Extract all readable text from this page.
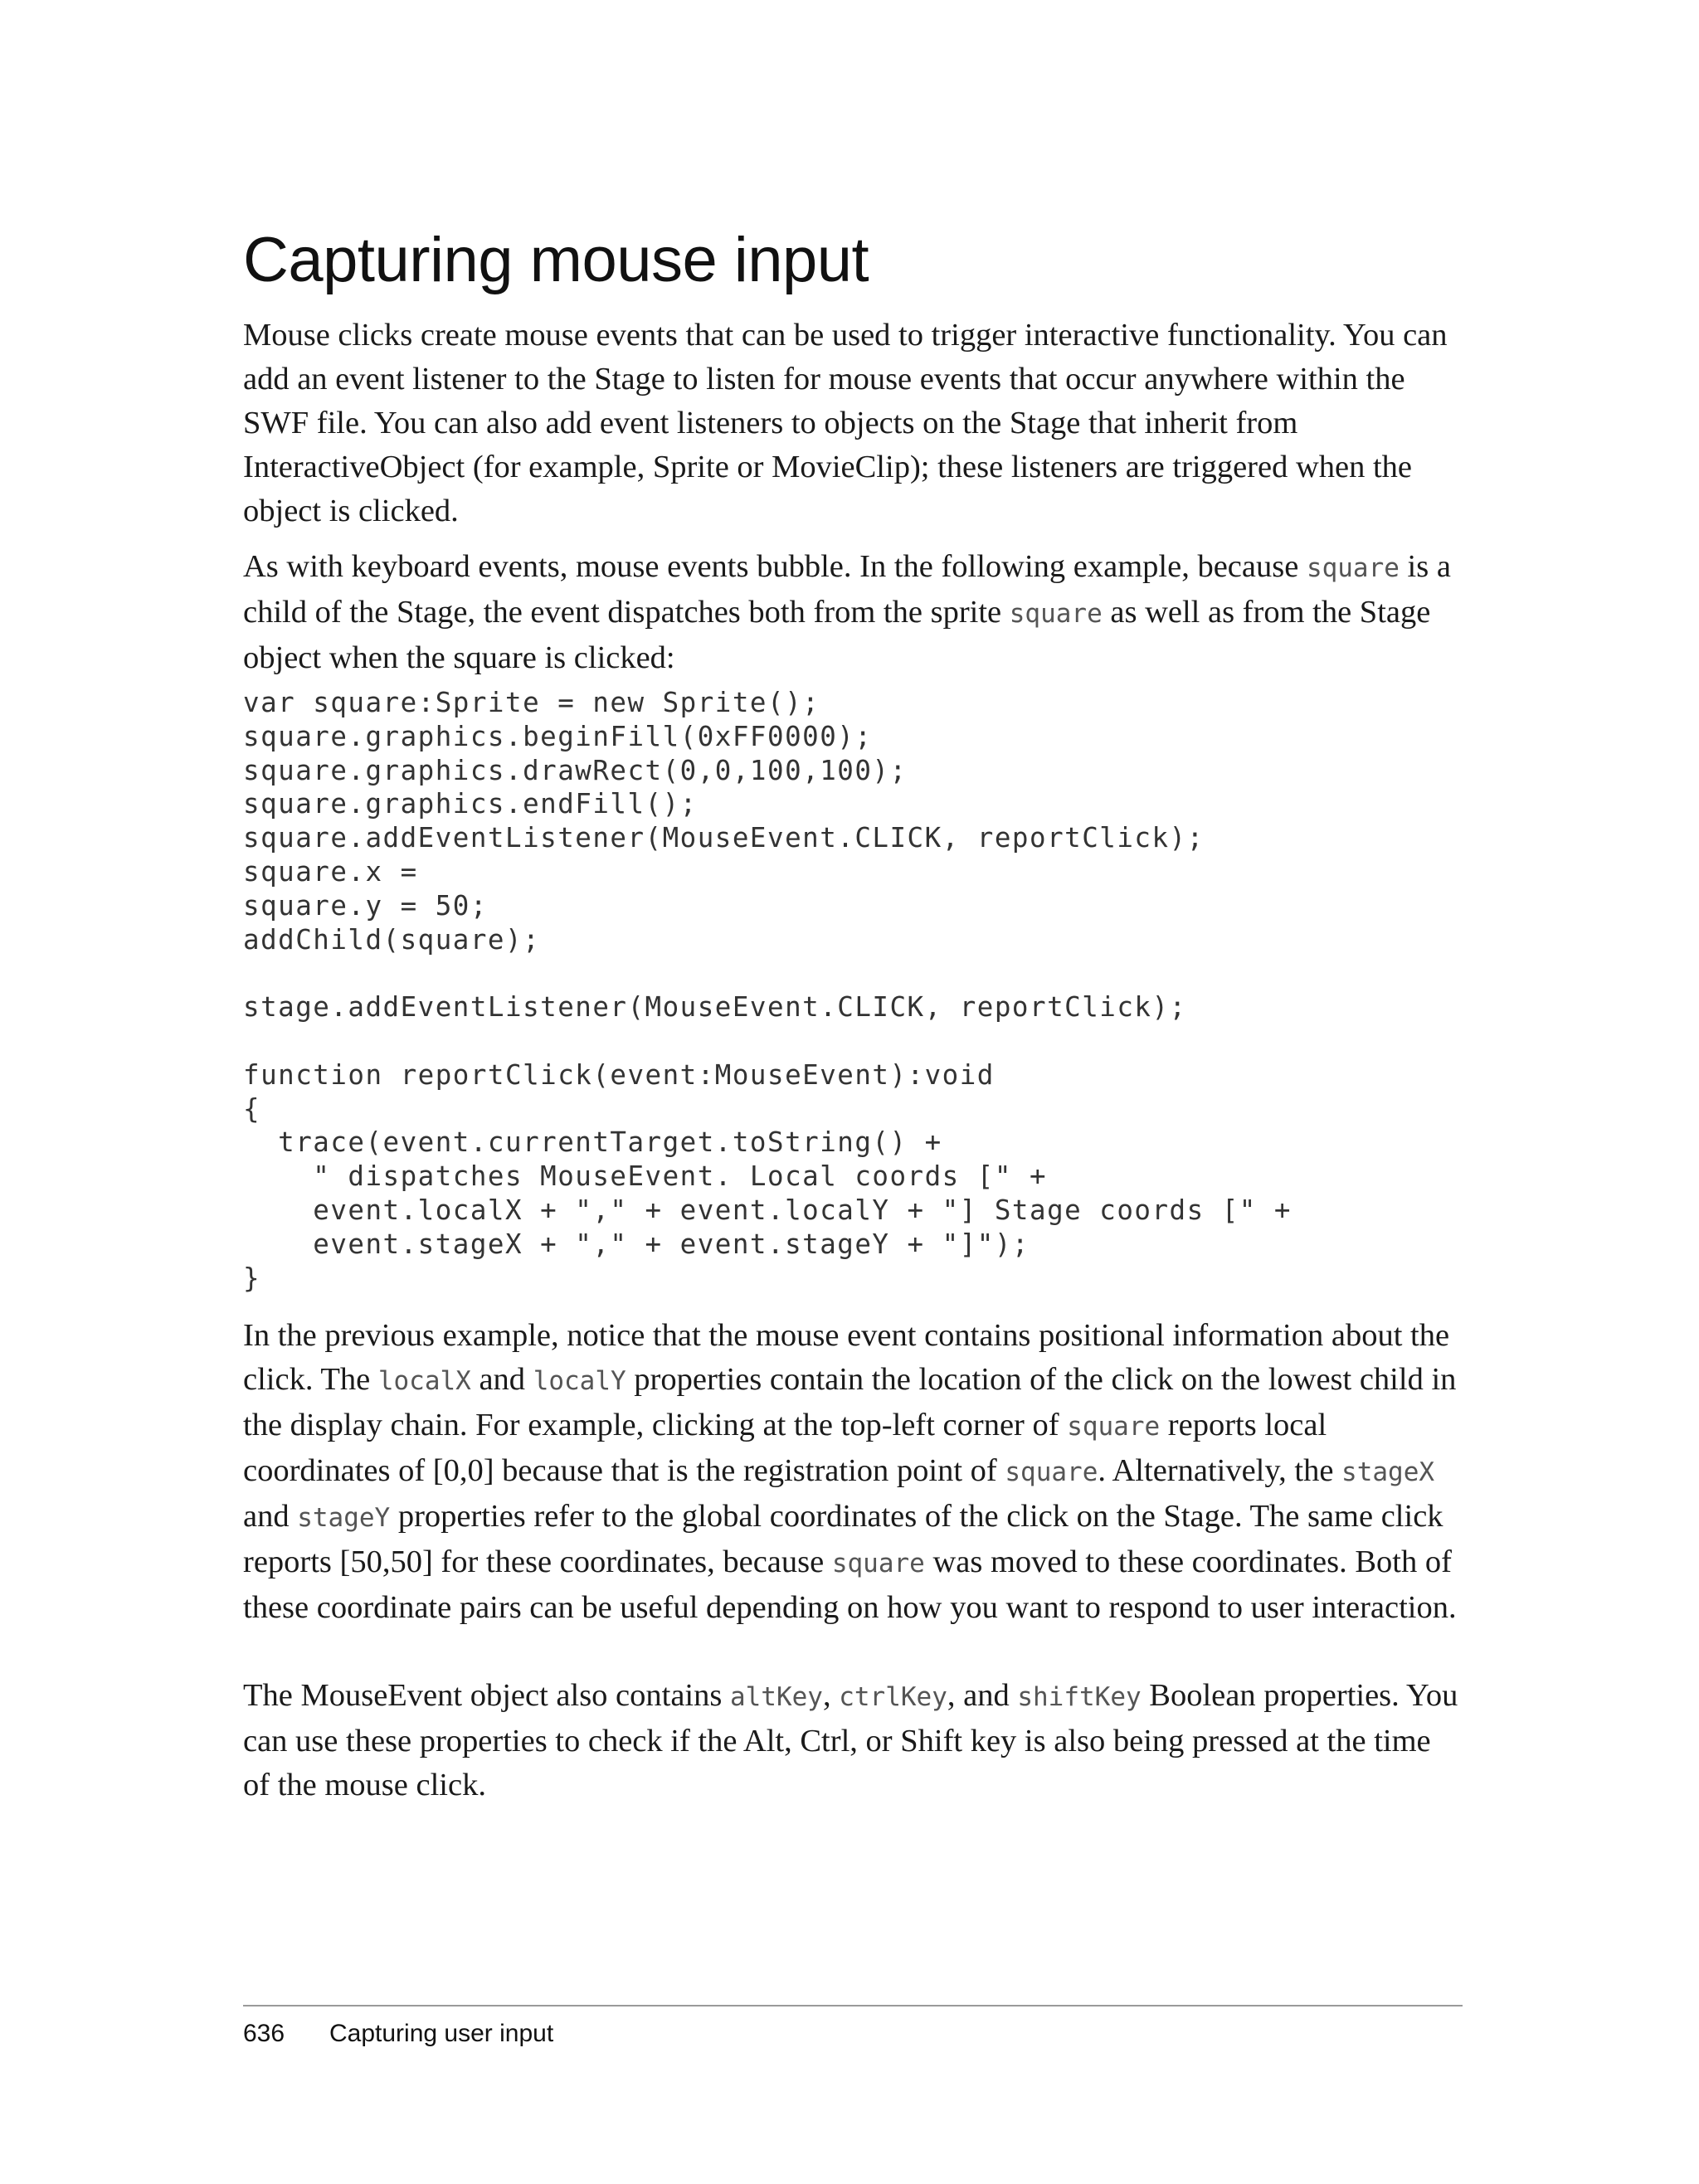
Capturing mouse input

Mouse clicks create mouse events that can be used to trigger interactive functionality. You can add an event listener to the Stage to listen for mouse events that occur anywhere within the SWF file. You can also add event listeners to objects on the Stage that inherit from InteractiveObject (for example, Sprite or MovieClip); these listeners are triggered when the object is clicked.

As with keyboard events, mouse events bubble. In the following example, because square is a child of the Stage, the event dispatches both from the sprite square as well as from the Stage object when the square is clicked:

var square:Sprite = new Sprite();
square.graphics.beginFill(0xFF0000);
square.graphics.drawRect(0,0,100,100);
square.graphics.endFill();
square.addEventListener(MouseEvent.CLICK, reportClick);
square.x =
square.y = 50;
addChild(square);

stage.addEventListener(MouseEvent.CLICK, reportClick);

function reportClick(event:MouseEvent):void
{
trace(event.currentTarget.toString() +
" dispatches MouseEvent. Local coords [" +
event.localX + "," + event.localY + "] Stage coords [" +
event.stageX + "," + event.stageY + "]");
}

In the previous example, notice that the mouse event contains positional information about the click. The localX and localY properties contain the location of the click on the lowest child in the display chain. For example, clicking at the top-left corner of square reports local coordinates of [0,0] because that is the registration point of square. Alternatively, the stageX and stageY properties refer to the global coordinates of the click on the Stage. The same click reports [50,50] for these coordinates, because square was moved to these coordinates. Both of these coordinate pairs can be useful depending on how you want to respond to user interaction.

The MouseEvent object also contains altKey, ctrlKey, and shiftKey Boolean properties. You can use these properties to check if the Alt, Ctrl, or Shift key is also being pressed at the time of the mouse click.

636 Capturing user input
